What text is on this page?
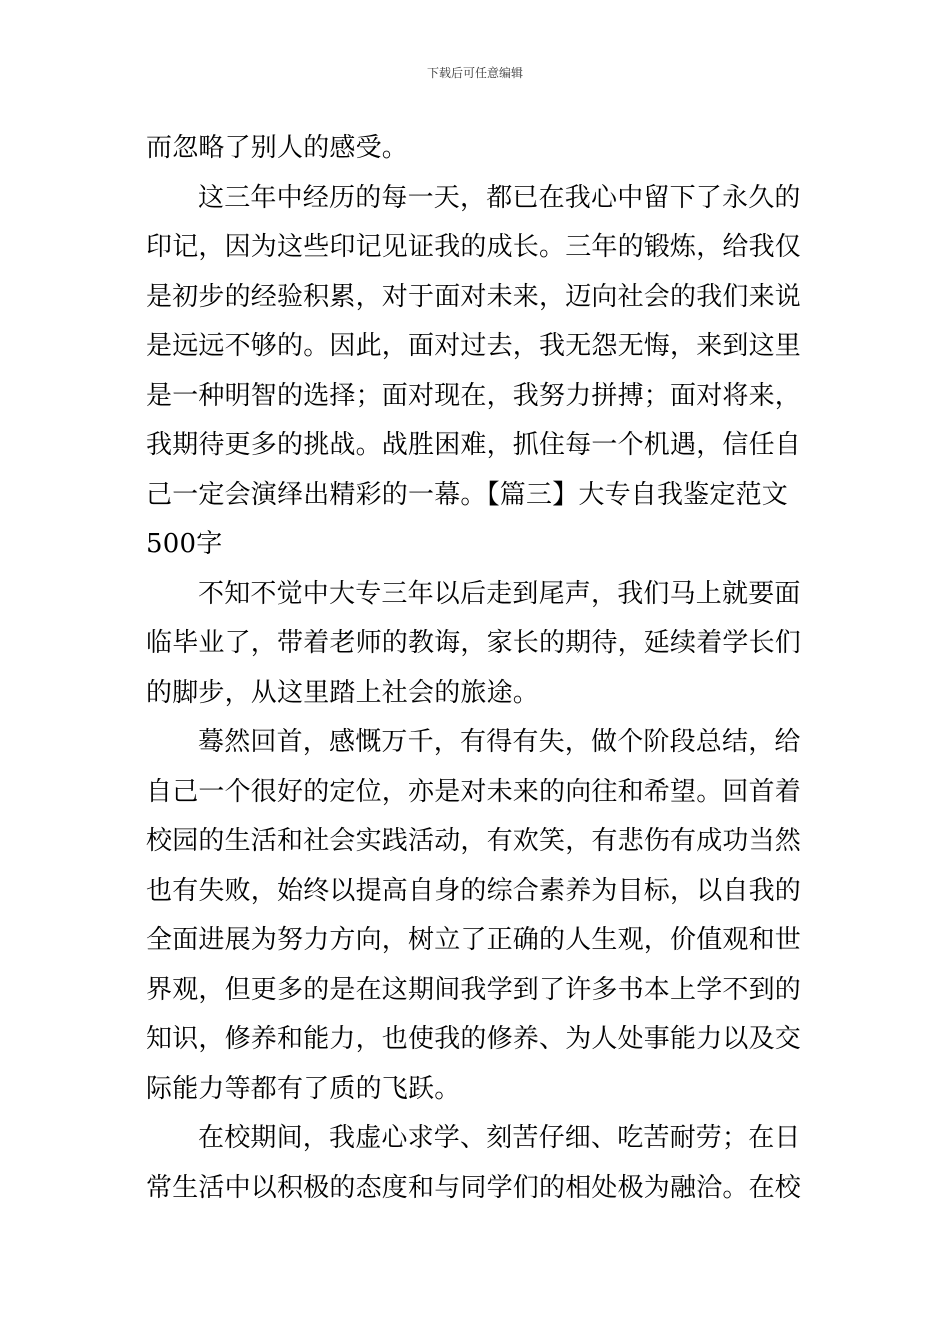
下载后可任意编辑
而忽略了别人的感受。
这三年中经历的每一天，都已在我心中留下了永久的
印记，因为这些印记见证我的成长。三年的锻炼，给我仅
是初步的经验积累，对于面对未来，迈向社会的我们来说
是远远不够的。因此，面对过去，我无怨无悔，来到这里
是一种明智的选择；面对现在，我努力拼搏；面对将来，
我期待更多的挑战。战胜困难，抓住每一个机遇，信任自
己一定会演绎出精彩的一幕。【篇三】大专自我鉴定范文
500字
不知不觉中大专三年以后走到尾声，我们马上就要面
临毕业了，带着老师的教诲，家长的期待，延续着学长们
的脚步，从这里踏上社会的旅途。
蓦然回首，感慨万千，有得有失，做个阶段总结，给
自己一个很好的定位，亦是对未来的向往和希望。回首着
校园的生活和社会实践活动，有欢笑，有悲伤有成功当然
也有失败，始终以提高自身的综合素养为目标，以自我的
全面进展为努力方向，树立了正确的人生观，价值观和世
界观，但更多的是在这期间我学到了许多书本上学不到的
知识，修养和能力，也使我的修养、为人处事能力以及交
际能力等都有了质的飞跃。
在校期间，我虚心求学、刻苦仔细、吃苦耐劳；在日
常生活中以积极的态度和与同学们的相处极为融洽。在校
